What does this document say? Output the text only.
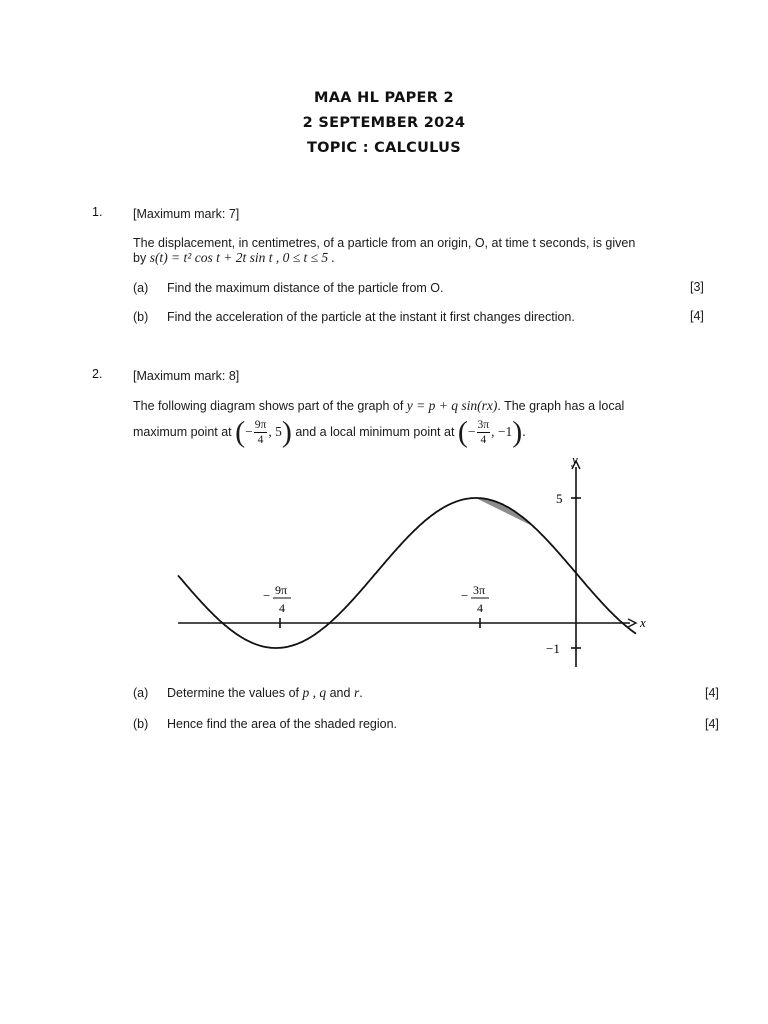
MAA HL PAPER 2
2 SEPTEMBER 2024
TOPIC : CALCULUS
1. [Maximum mark: 7]
The displacement, in centimetres, of a particle from an origin, O, at time t seconds, is given
by s(t) = t² cos t + 2t sin t , 0 ≤ t ≤ 5 .
(a) Find the maximum distance of the particle from O.	[3]
(b) Find the acceleration of the particle at the instant it first changes direction.	[4]
2. [Maximum mark: 8]
The following diagram shows part of the graph of y = p + q sin(rx). The graph has a local
maximum point at (− $\frac{9\pi}{4}$ , 5) and a local minimum point at (− $\frac{3\pi}{4}$ , −1).
x
y
5
−1
− 9π
4
− 3π
4
(a) Determine the values of p , q and r.	[4]
(b) Hence find the area of the shaded region.	[4]
